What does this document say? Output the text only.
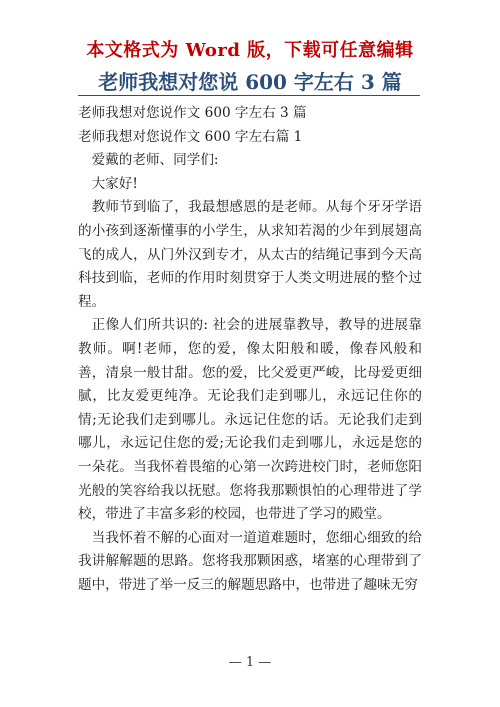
本文格式为 Word 版，下载可任意编辑
老师我想对您说 600 字左右 3 篇

老师我想对您说作文 600 字左右 3 篇

老师我想对您说作文 600 字左右篇 1

爱戴的老师、同学们:

大家好!

教师节到临了，我最想感恩的是老师。从每个牙牙学语的小孩到逐渐懂事的小学生，从求知若渴的少年到展翅高飞的成人，从门外汉到专才，从太古的结绳记事到今天高科技到临，老师的作用时刻贯穿于人类文明进展的整个过程。

正像人们所共识的: 社会的进展靠教导，教导的进展靠教师。啊!老师，您的爱，像太阳般和暖，像春风般和善，清泉一般甘甜。您的爱，比父爱更严峻，比母爱更细腻，比友爱更纯净。无论我们走到哪儿，永远记住你的情;无论我们走到哪儿。永远记住您的话。无论我们走到哪儿，永远记住您的爱;无论我们走到哪儿，永远是您的一朵花。当我怀着畏缩的心第一次跨进校门时，老师您阳光般的笑容给我以抚慰。您将我那颗惧怕的心理带进了学校，带进了丰富多彩的校园，也带进了学习的殿堂。

当我怀着不解的心面对一道道难题时，您细心细致的给我讲解解题的思路。您将我那颗困惑，堵塞的心理带到了题中，带进了举一反三的解题思路中，也带进了趣味无穷

— 1 —
